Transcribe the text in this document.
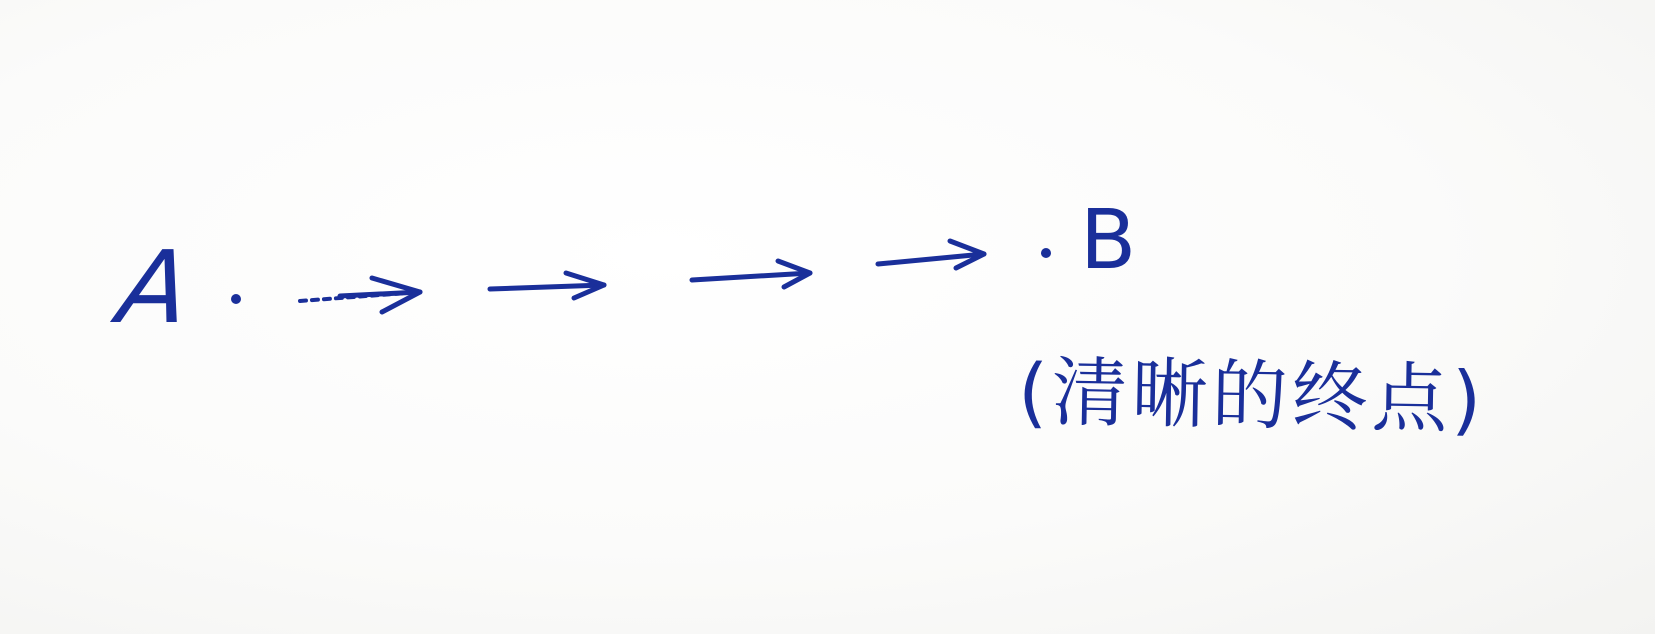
A	B
(清晰的终点)
